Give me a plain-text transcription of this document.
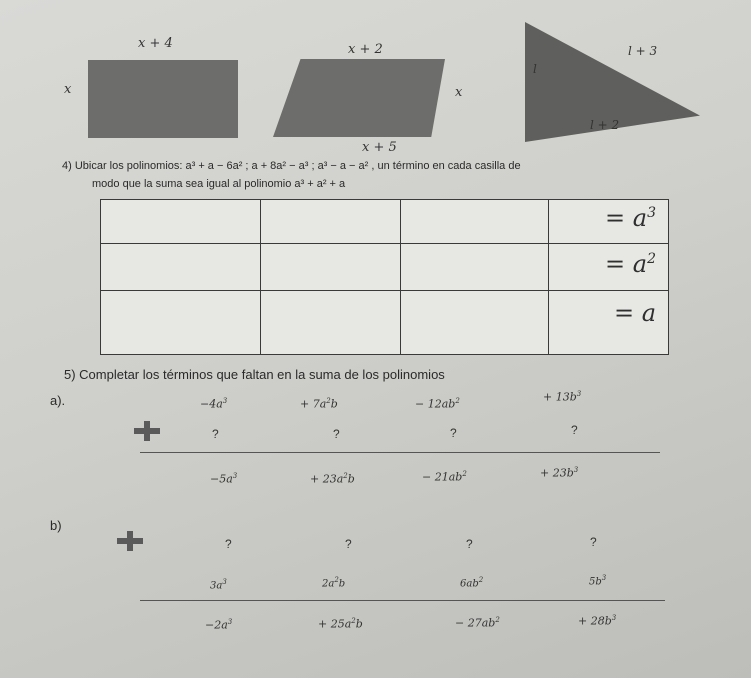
x + 4
x
x + 2
x
x + 5
l + 3
l
l + 2
4) Ubicar los polinomios: a³ + a − 6a² ; a + 8a² − a³ ; a³ − a − a² , un término en cada casilla de
modo que la suma sea igual al polinomio a³ + a² + a
= $a^3$
= $a^2$
= a
5) Completar los términos que faltan en la suma de los polinomios
a).	$-4a^3$	+ $7a^2b$	− $12ab^2$	+ $13b^3$
?	?	?	?
$-5a^3$	+ $23a^2b$	− $21ab^2$	+ $23b^3$
b)
?	?	?	?
$3a^3$	$2a^2b$	$6ab^2$	$5b^3$
$-2a^3$	+ $25a^2b$	− $27ab^2$	+ $28b^3$
